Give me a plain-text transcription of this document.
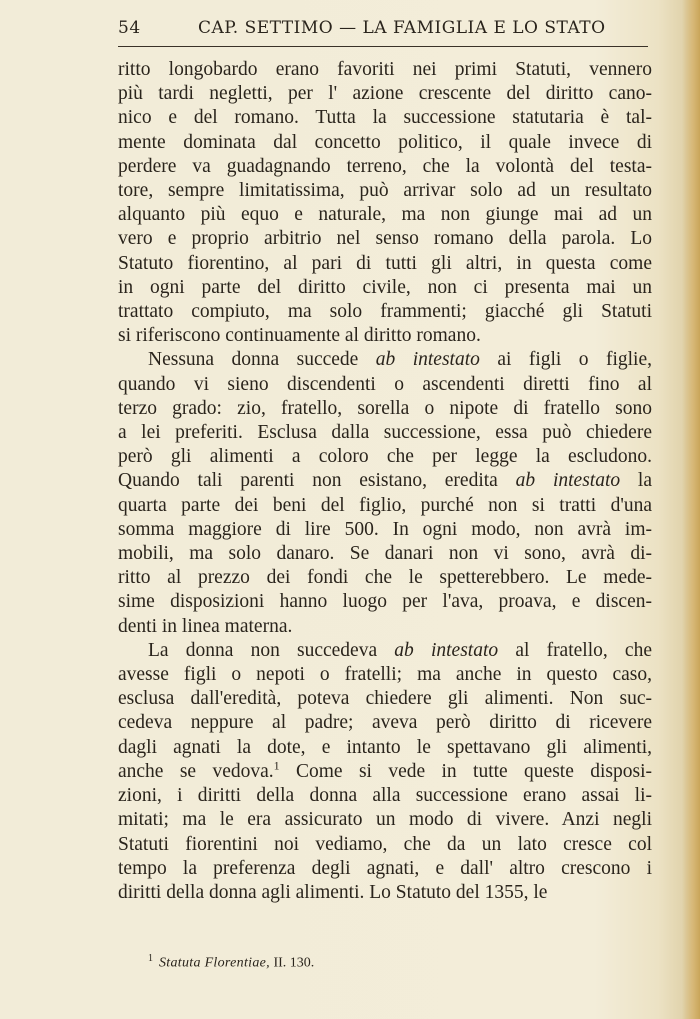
54	CAP. SETTIMO — LA FAMIGLIA E LO STATO
ritto longobardo erano favoriti nei primi Statuti, vennero
più tardi negletti, per l' azione crescente del diritto cano-
nico e del romano. Tutta la successione statutaria è tal-
mente dominata dal concetto politico, il quale invece di
perdere va guadagnando terreno, che la volontà del testa-
tore, sempre limitatissima, può arrivar solo ad un resultato
alquanto più equo e naturale, ma non giunge mai ad un
vero e proprio arbitrio nel senso romano della parola. Lo
Statuto fiorentino, al pari di tutti gli altri, in questa come
in ogni parte del diritto civile, non ci presenta mai un
trattato compiuto, ma solo frammenti; giacché gli Statuti
si riferiscono continuamente al diritto romano.
Nessuna donna succede ab intestato ai figli o figlie,
quando vi sieno discendenti o ascendenti diretti fino al
terzo grado: zio, fratello, sorella o nipote di fratello sono
a lei preferiti. Esclusa dalla successione, essa può chiedere
però gli alimenti a coloro che per legge la escludono.
Quando tali parenti non esistano, eredita ab intestato la
quarta parte dei beni del figlio, purché non si tratti d'una
somma maggiore di lire 500. In ogni modo, non avrà im-
mobili, ma solo danaro. Se danari non vi sono, avrà di-
ritto al prezzo dei fondi che le spetterebbero. Le mede-
sime disposizioni hanno luogo per l'ava, proava, e discen-
denti in linea materna.
La donna non succedeva ab intestato al fratello, che
avesse figli o nepoti o fratelli; ma anche in questo caso,
esclusa dall'eredità, poteva chiedere gli alimenti. Non suc-
cedeva neppure al padre; aveva però diritto di ricevere
dagli agnati la dote, e intanto le spettavano gli alimenti,
anche se vedova.$^1$ Come si vede in tutte queste disposi-
zioni, i diritti della donna alla successione erano assai li-
mitati; ma le era assicurato un modo di vivere. Anzi negli
Statuti fiorentini noi vediamo, che da un lato cresce col
tempo la preferenza degli agnati, e dall' altro crescono i
diritti della donna agli alimenti. Lo Statuto del 1355, le
$^1$ Statuta Florentiae, II. 130.
